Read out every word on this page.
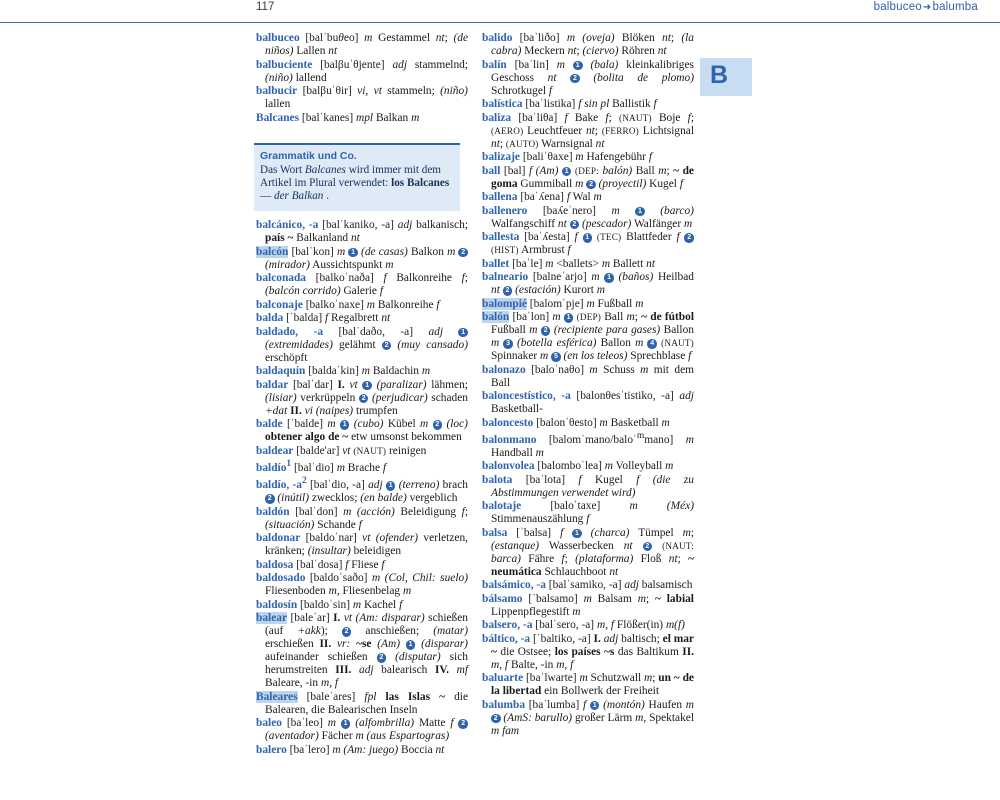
117	balbuceo➜balumba
B
balbuceo [balˈbuθeo] m Gestammel nt; (de niños) Lallen nt
balbuciente [balβuˈθjente] adj stammelnd; (niño) lallend
balbucir [balβuˈθir] vi, vt stammeln; (niño) lallen
Balcanes [balˈkanes] mpl Balkan m
balcánico, -a [balˈkaniko, -a] adj balkanisch; país ~ Balkanland nt
balcón [balˈkon] m 1 (de casas) Balkon m 2 (mirador) Aussichtspunkt m
balconada [balkoˈnaða] f Balkonreihe f; (balcón corrido) Galerie f
balconaje [balkoˈnaxe] m Balkonreihe f
balda [ˈbalda] f Regalbrett nt
baldado, -a [balˈdaðo, -a] adj	1 (extremidades) gelähmt 2 (muy cansado) erschöpft
baldaquín [baldaˈkin] m Baldachin m
baldar [balˈdar] I. vt 1 (paralizar) lähmen; (lisiar) verkrüppeln 2 (perjudicar) schaden +dat II. vi (naipes) trumpfen
balde [ˈbalde] m 1 (cubo) Kübel m 2 (loc) obtener algo de ~ etw umsonst bekommen
baldear [balde'ar] vt (NAUT) reinigen
baldío$^1$ [balˈdio] m Brache f
baldío, $-a^2$ [balˈdio, -a] adj 1 (terreno) brach 2 (inútil) zwecklos; (en balde) vergeblich
baldón [balˈdon] m (acción) Beleidigung f; (situación) Schande f
baldonar [baldoˈnar] vt (ofender) verletzen, kränken; (insultar) beleidigen
baldosa [balˈdosa] f Fliese f
baldosado [baldoˈsaðo] m (Col, Chil: suelo) Fliesenboden m, Fliesenbelag m
baldosín [baldoˈsin] m Kachel f
balear [baleˈar] I. vt (Am: disparar) schießen (auf +akk); 2 anschießen; (matar) erschießen II. vr: ~se (Am) 1 (disparar) aufeinander schießen 2 (disputar) sich herumstreiten III. adj balearisch IV. mf Baleare, -in m, f
Baleares [baleˈares] fpl las Islas ~ die Balearen, die Balearischen Inseln
baleo [baˈleo] m 1 (alfombrilla) Matte f 2 (aventador) Fächer m (aus Espartogras)
balero [baˈlero] m (Am: juego) Boccia nt
Grammatik und Co.
Das Wort Balcanes wird immer mit dem Artikel im Plural verwendet: los Balcanes — der Balkan .
balido [baˈliðo] m (oveja) Blöken nt; (la cabra) Meckern nt; (ciervo) Röhren nt
balín [baˈlin] m 1 (bala) kleinkalibriges Geschoss nt 2 (bolita de plomo) Schrotkugel f
balística [baˈlistika] f sin pl Ballistik f
baliza [baˈliθa] f Bake f; (NAUT) Boje f; (AERO) Leuchtfeuer nt; (FERRO) Lichtsignal nt; (AUTO) Warnsignal nt
balizaje [baliˈθaxe] m Hafengebühr f
ball [bal] f (Am) 1 (DEP: balón) Ball m; ~ de goma Gummiball m 2 (proyectil) Kugel f
ballena [baˈʎena] f Wal m
ballenero [baʎeˈnero] m	1 (barco) Walfangschiff nt 2 (pescador) Walfänger m
ballesta [baˈʎesta] f 1 (TEC) Blattfeder f 2 (HIST) Armbrust f
ballet [baˈle] m <ballets> m Ballett nt
balneario [balneˈarjo] m 1 (baños) Heilbad nt 2 (estación) Kurort m
balompié [balomˈpje] m Fußball m
balón [baˈlon] m 1 (DEP) Ball m; ~ de fútbol Fußball m 2 (recipiente para gases) Ballon m 3 (botella esférica) Ballon m 4 (NAUT) Spinnaker m 5 (en los teleos) Sprechblase f
balonazo [baloˈnaθo] m Schuss m mit dem Ball
baloncestístico, -a [balonθesˈtistiko, -a] adj Basketball-
baloncesto [balonˈθesto] m Basketball m
balonmano [balomˈmano/baloˈ$^m$mano] m Handball m
balonvolea [balomboˈlea] m Volleyball m
balota [baˈlota] f Kugel f (die zu Abstimmungen verwendet wird)
balotaje	[baloˈtaxe]	m (Méx) Stimmenauszählung f
balsa [ˈbalsa] f 1 (charca) Tümpel m; (estanque) Wasserbecken nt 2 (NAUT: barca) Fähre f; (plataforma) Floß nt; ~ neumática Schlauchboot nt
balsámico, -a [balˈsamiko, -a] adj balsamisch
bálsamo [ˈbalsamo] m Balsam m; ~ labial Lippenpflegestift m
balsero, -a [balˈsero, -a] m, f Flößer(in) m(f)
báltico, -a [ˈbaltiko, -a] I. adj baltisch; el mar ~ die Ostsee; los países ~s das Baltikum II. m, f Balte, -in m, f
baluarte [baˈlwarte] m Schutzwall m; un ~ de la libertad ein Bollwerk der Freiheit
balumba [baˈlumba] f 1 (montón) Haufen m 2 (AmS: barullo) großer Lärm m, Spektakel m fam
